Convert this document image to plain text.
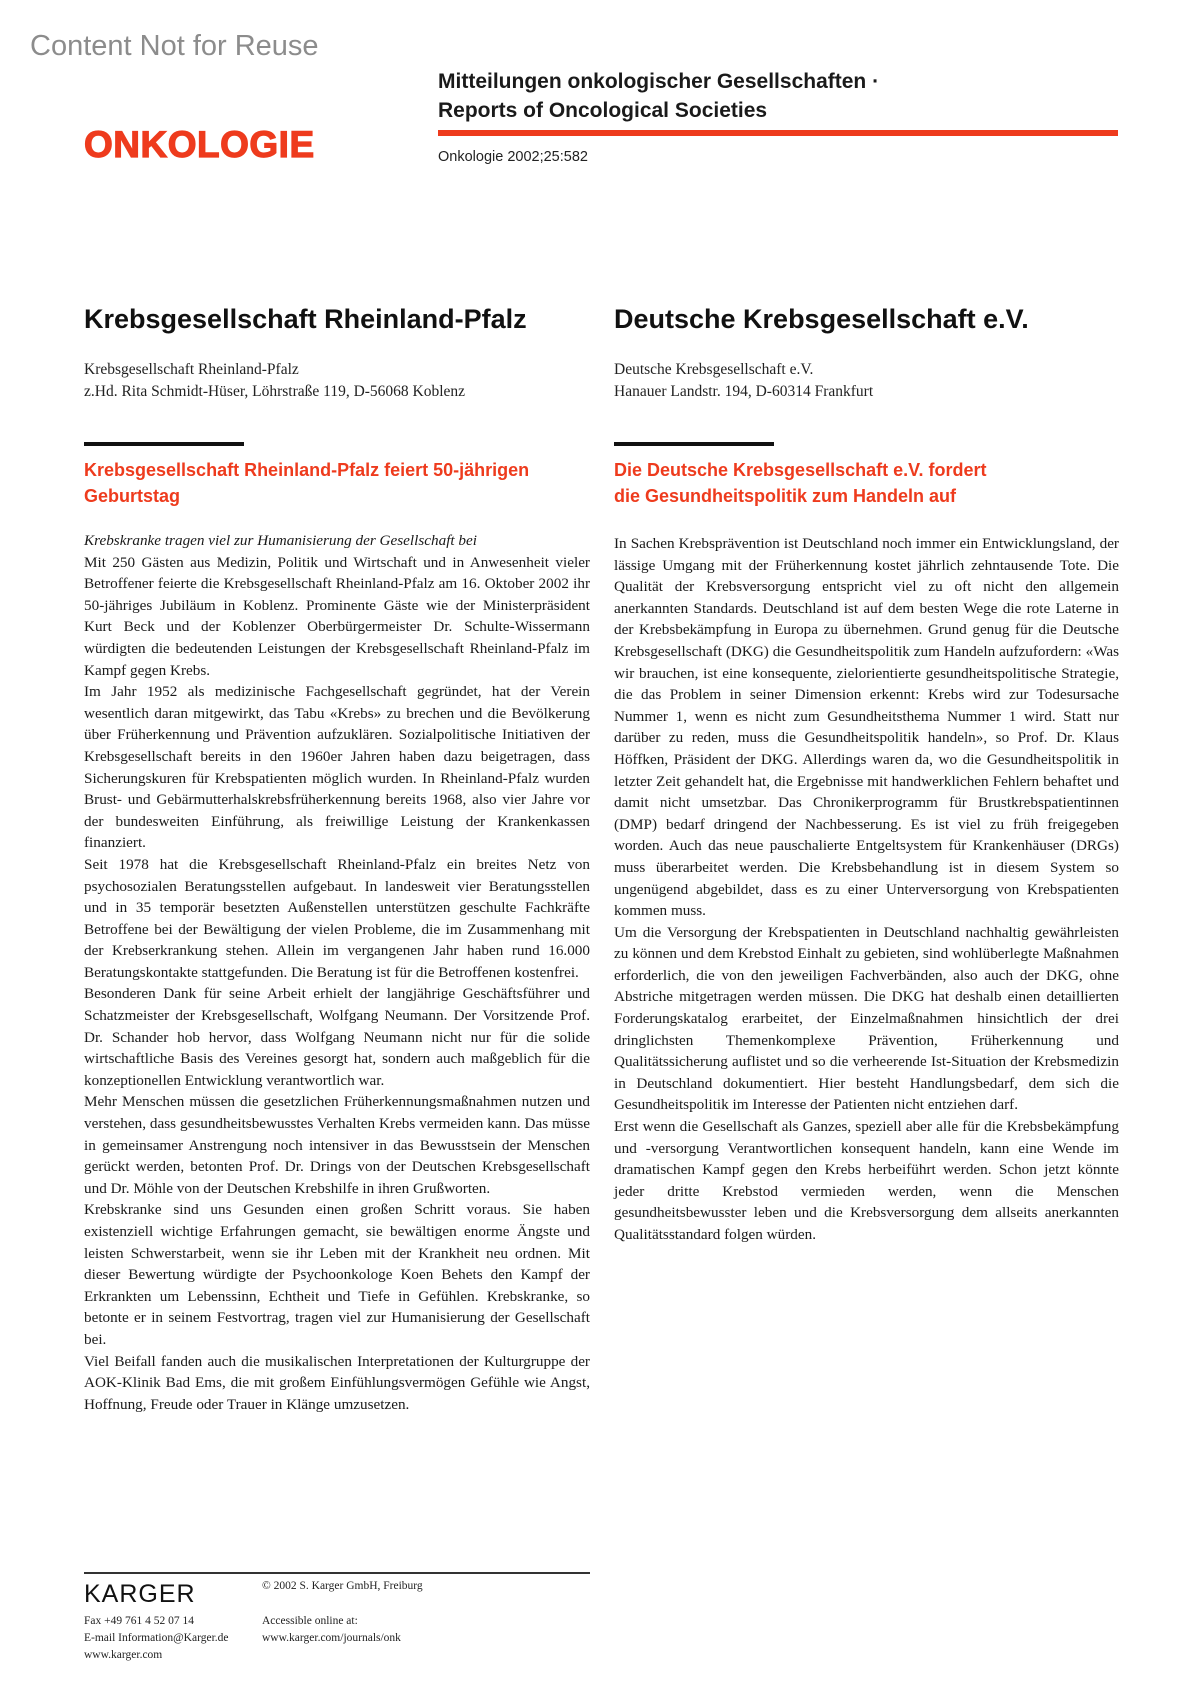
Content Not for Reuse
ONKOLOGIE
Mitteilungen onkologischer Gesellschaften ·
Reports of Oncological Societies
Onkologie 2002;25:582
Krebsgesellschaft Rheinland-Pfalz
Krebsgesellschaft Rheinland-Pfalz
z.Hd. Rita Schmidt-Hüser, Löhrstraße 119, D-56068 Koblenz
Krebsgesellschaft Rheinland-Pfalz feiert 50-jährigen
Geburtstag

Krebskranke tragen viel zur Humanisierung der Gesellschaft bei

Mit 250 Gästen aus Medizin, Politik und Wirtschaft und in Anwesenheit vieler Betroffener feierte die Krebsgesellschaft Rheinland-Pfalz am 16. Oktober 2002 ihr 50-jähriges Jubiläum in Koblenz. Prominente Gäste wie der Ministerpräsident Kurt Beck und der Koblenzer Oberbürgermeister Dr. Schulte-Wissermann würdigten die bedeutenden Leistungen der Krebsgesellschaft Rheinland-Pfalz im Kampf gegen Krebs.

Im Jahr 1952 als medizinische Fachgesellschaft gegründet, hat der Verein wesentlich daran mitgewirkt, das Tabu «Krebs» zu brechen und die Bevölkerung über Früherkennung und Prävention aufzuklären. Sozialpolitische Initiativen der Krebsgesellschaft bereits in den 1960er Jahren haben dazu beigetragen, dass Sicherungskuren für Krebspatienten möglich wurden. In Rheinland-Pfalz wurden Brust- und Gebärmutterhalskrebsfrüherkennung bereits 1968, also vier Jahre vor der bundesweiten Einführung, als freiwillige Leistung der Krankenkassen finanziert.

Seit 1978 hat die Krebsgesellschaft Rheinland-Pfalz ein breites Netz von psychosozialen Beratungsstellen aufgebaut. In landesweit vier Beratungsstellen und in 35 temporär besetzten Außenstellen unterstützen geschulte Fachkräfte Betroffene bei der Bewältigung der vielen Probleme, die im Zusammenhang mit der Krebserkrankung stehen. Allein im vergangenen Jahr haben rund 16.000 Beratungskontakte stattgefunden. Die Beratung ist für die Betroffenen kostenfrei.

Besonderen Dank für seine Arbeit erhielt der langjährige Geschäftsführer und Schatzmeister der Krebsgesellschaft, Wolfgang Neumann. Der Vorsitzende Prof. Dr. Schander hob hervor, dass Wolfgang Neumann nicht nur für die solide wirtschaftliche Basis des Vereines gesorgt hat, sondern auch maßgeblich für die konzeptionellen Entwicklung verantwortlich war.

Mehr Menschen müssen die gesetzlichen Früherkennungsmaßnahmen nutzen und verstehen, dass gesundheitsbewusstes Verhalten Krebs vermeiden kann. Das müsse in gemeinsamer Anstrengung noch intensiver in das Bewusstsein der Menschen gerückt werden, betonten Prof. Dr. Drings von der Deutschen Krebsgesellschaft und Dr. Möhle von der Deutschen Krebshilfe in ihren Grußworten.

Krebskranke sind uns Gesunden einen großen Schritt voraus. Sie haben existenziell wichtige Erfahrungen gemacht, sie bewältigen enorme Ängste und leisten Schwerstarbeit, wenn sie ihr Leben mit der Krankheit neu ordnen. Mit dieser Bewertung würdigte der Psychoonkologe Koen Behets den Kampf der Erkrankten um Lebenssinn, Echtheit und Tiefe in Gefühlen. Krebskranke, so betonte er in seinem Festvortrag, tragen viel zur Humanisierung der Gesellschaft bei.

Viel Beifall fanden auch die musikalischen Interpretationen der Kulturgruppe der AOK-Klinik Bad Ems, die mit großem Einfühlungsvermögen Gefühle wie Angst, Hoffnung, Freude oder Trauer in Klänge umzusetzen.

Deutsche Krebsgesellschaft e.V.
Deutsche Krebsgesellschaft e.V.
Hanauer Landstr. 194, D-60314 Frankfurt
Die Deutsche Krebsgesellschaft e.V. fordert
die Gesundheitspolitik zum Handeln auf

In Sachen Krebsprävention ist Deutschland noch immer ein Entwicklungsland, der lässige Umgang mit der Früherkennung kostet jährlich zehntausende Tote. Die Qualität der Krebsversorgung entspricht viel zu oft nicht den allgemein anerkannten Standards. Deutschland ist auf dem besten Wege die rote Laterne in der Krebsbekämpfung in Europa zu übernehmen. Grund genug für die Deutsche Krebsgesellschaft (DKG) die Gesundheitspolitik zum Handeln aufzufordern: «Was wir brauchen, ist eine konsequente, zielorientierte gesundheitspolitische Strategie, die das Problem in seiner Dimension erkennt: Krebs wird zur Todesursache Nummer 1, wenn es nicht zum Gesundheitsthema Nummer 1 wird. Statt nur darüber zu reden, muss die Gesundheitspolitik handeln», so Prof. Dr. Klaus Höffken, Präsident der DKG. Allerdings waren da, wo die Gesundheitspolitik in letzter Zeit gehandelt hat, die Ergebnisse mit handwerklichen Fehlern behaftet und damit nicht umsetzbar. Das Chronikerprogramm für Brustkrebspatientinnen (DMP) bedarf dringend der Nachbesserung. Es ist viel zu früh freigegeben worden. Auch das neue pauschalierte Entgeltsystem für Krankenhäuser (DRGs) muss überarbeitet werden. Die Krebsbehandlung ist in diesem System so ungenügend abgebildet, dass es zu einer Unterversorgung von Krebspatienten kommen muss.

Um die Versorgung der Krebspatienten in Deutschland nachhaltig gewährleisten zu können und dem Krebstod Einhalt zu gebieten, sind wohlüberlegte Maßnahmen erforderlich, die von den jeweiligen Fachverbänden, also auch der DKG, ohne Abstriche mitgetragen werden müssen. Die DKG hat deshalb einen detaillierten Forderungskatalog erarbeitet, der Einzelmaßnahmen hinsichtlich der drei dringlichsten Themenkomplexe Prävention, Früherkennung und Qualitätssicherung auflistet und so die verheerende Ist-Situation der Krebsmedizin in Deutschland dokumentiert. Hier besteht Handlungsbedarf, dem sich die Gesundheitspolitik im Interesse der Patienten nicht entziehen darf.

Erst wenn die Gesellschaft als Ganzes, speziell aber alle für die Krebsbekämpfung und -versorgung Verantwortlichen konsequent handeln, kann eine Wende im dramatischen Kampf gegen den Krebs herbeiführt werden. Schon jetzt könnte jeder dritte Krebstod vermieden werden, wenn die Menschen gesundheitsbewusster leben und die Krebsversorgung dem allseits anerkannten Qualitätsstandard folgen würden.

KARGER	© 2002 S. Karger GmbH, Freiburg
Fax +49 761 4 52 07 14
E-mail Information@Karger.de
www.karger.com
Accessible online at:
www.karger.com/journals/onk
